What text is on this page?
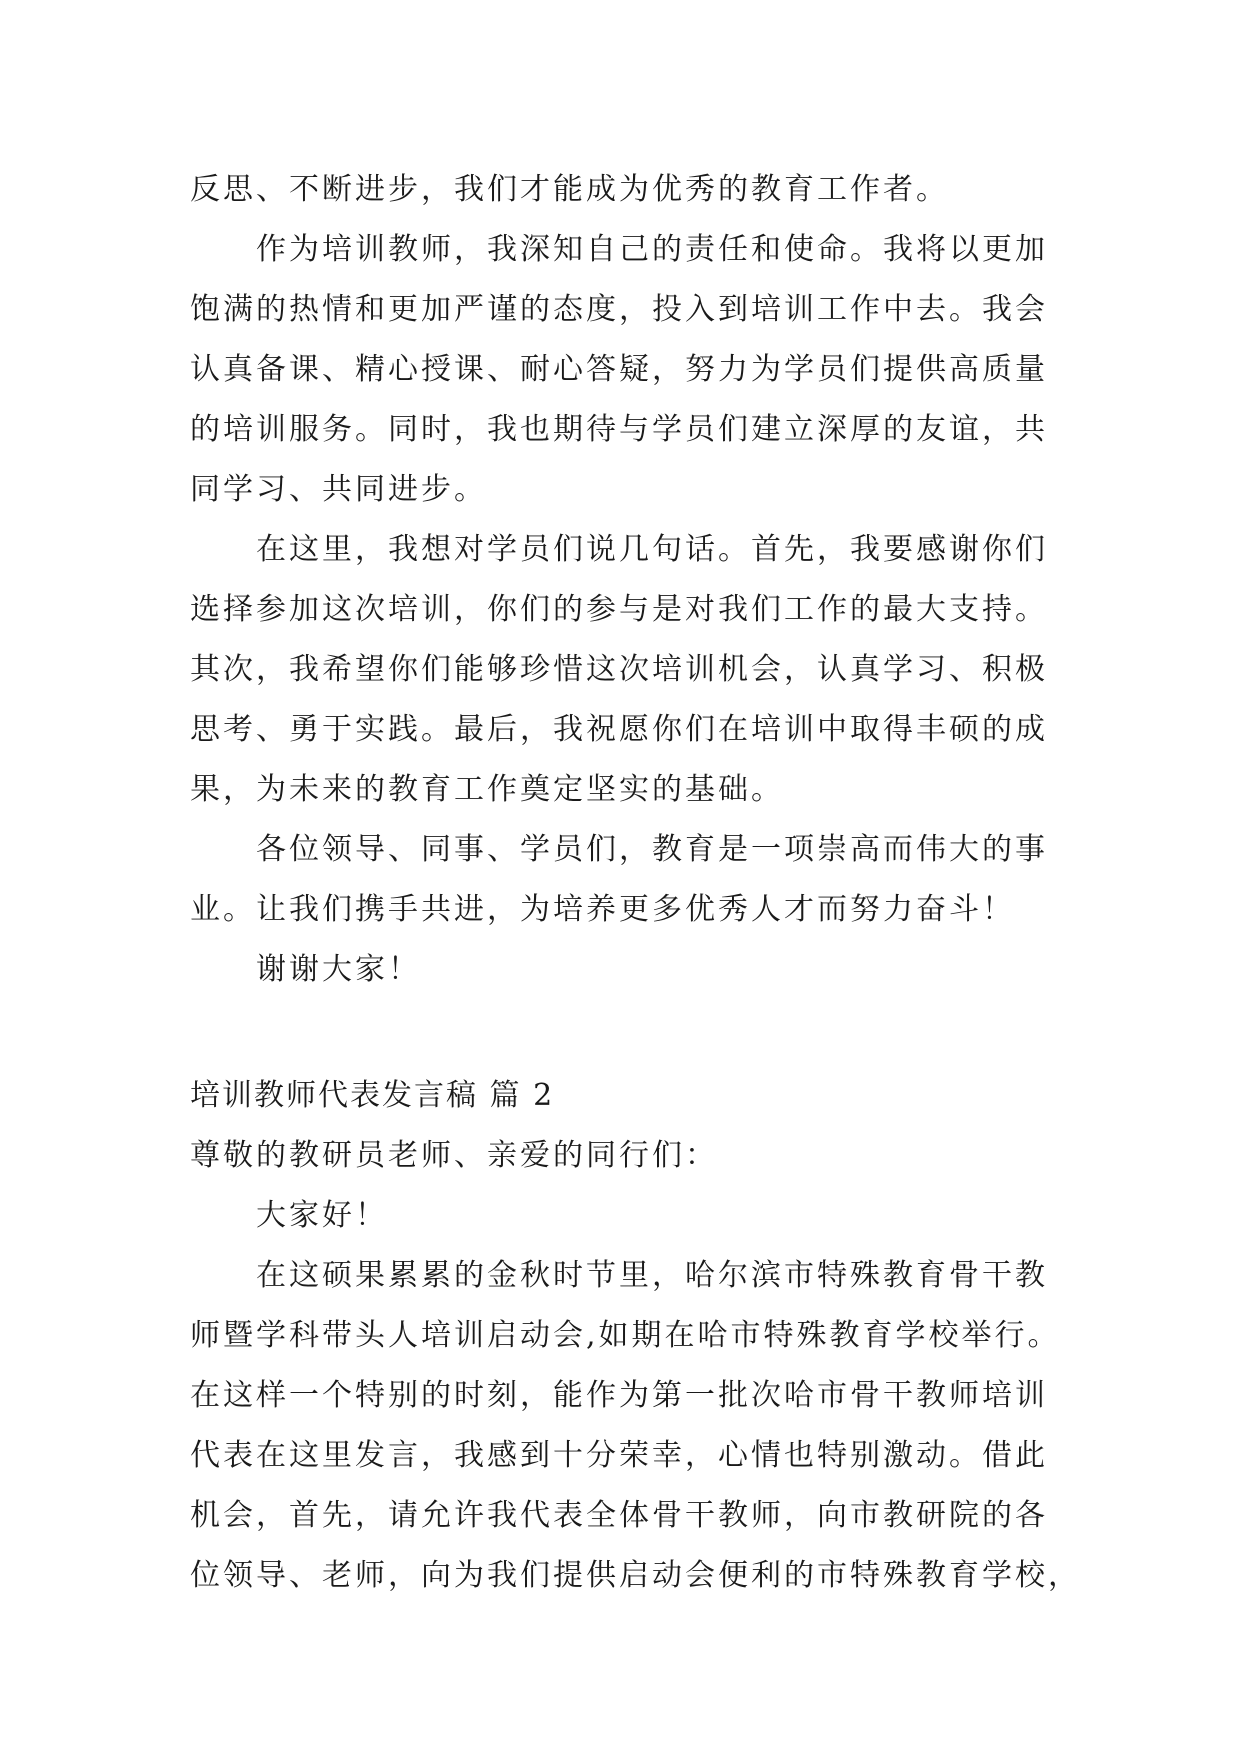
反思、不断进步，我们才能成为优秀的教育工作者。
作为培训教师，我深知自己的责任和使命。我将以更加
饱满的热情和更加严谨的态度，投入到培训工作中去。我会
认真备课、精心授课、耐心答疑，努力为学员们提供高质量
的培训服务。同时，我也期待与学员们建立深厚的友谊，共
同学习、共同进步。
在这里，我想对学员们说几句话。首先，我要感谢你们
选择参加这次培训，你们的参与是对我们工作的最大支持。
其次，我希望你们能够珍惜这次培训机会，认真学习、积极
思考、勇于实践。最后，我祝愿你们在培训中取得丰硕的成
果，为未来的教育工作奠定坚实的基础。
各位领导、同事、学员们，教育是一项崇高而伟大的事
业。让我们携手共进，为培养更多优秀人才而努力奋斗！
谢谢大家！
培训教师代表发言稿 篇 2
尊敬的教研员老师、亲爱的同行们：
大家好！
在这硕果累累的金秋时节里，哈尔滨市特殊教育骨干教
师暨学科带头人培训启动会,如期在哈市特殊教育学校举行。
在这样一个特别的时刻，能作为第一批次哈市骨干教师培训
代表在这里发言，我感到十分荣幸，心情也特别激动。借此
机会，首先，请允许我代表全体骨干教师，向市教研院的各
位领导、老师，向为我们提供启动会便利的市特殊教育学校，
